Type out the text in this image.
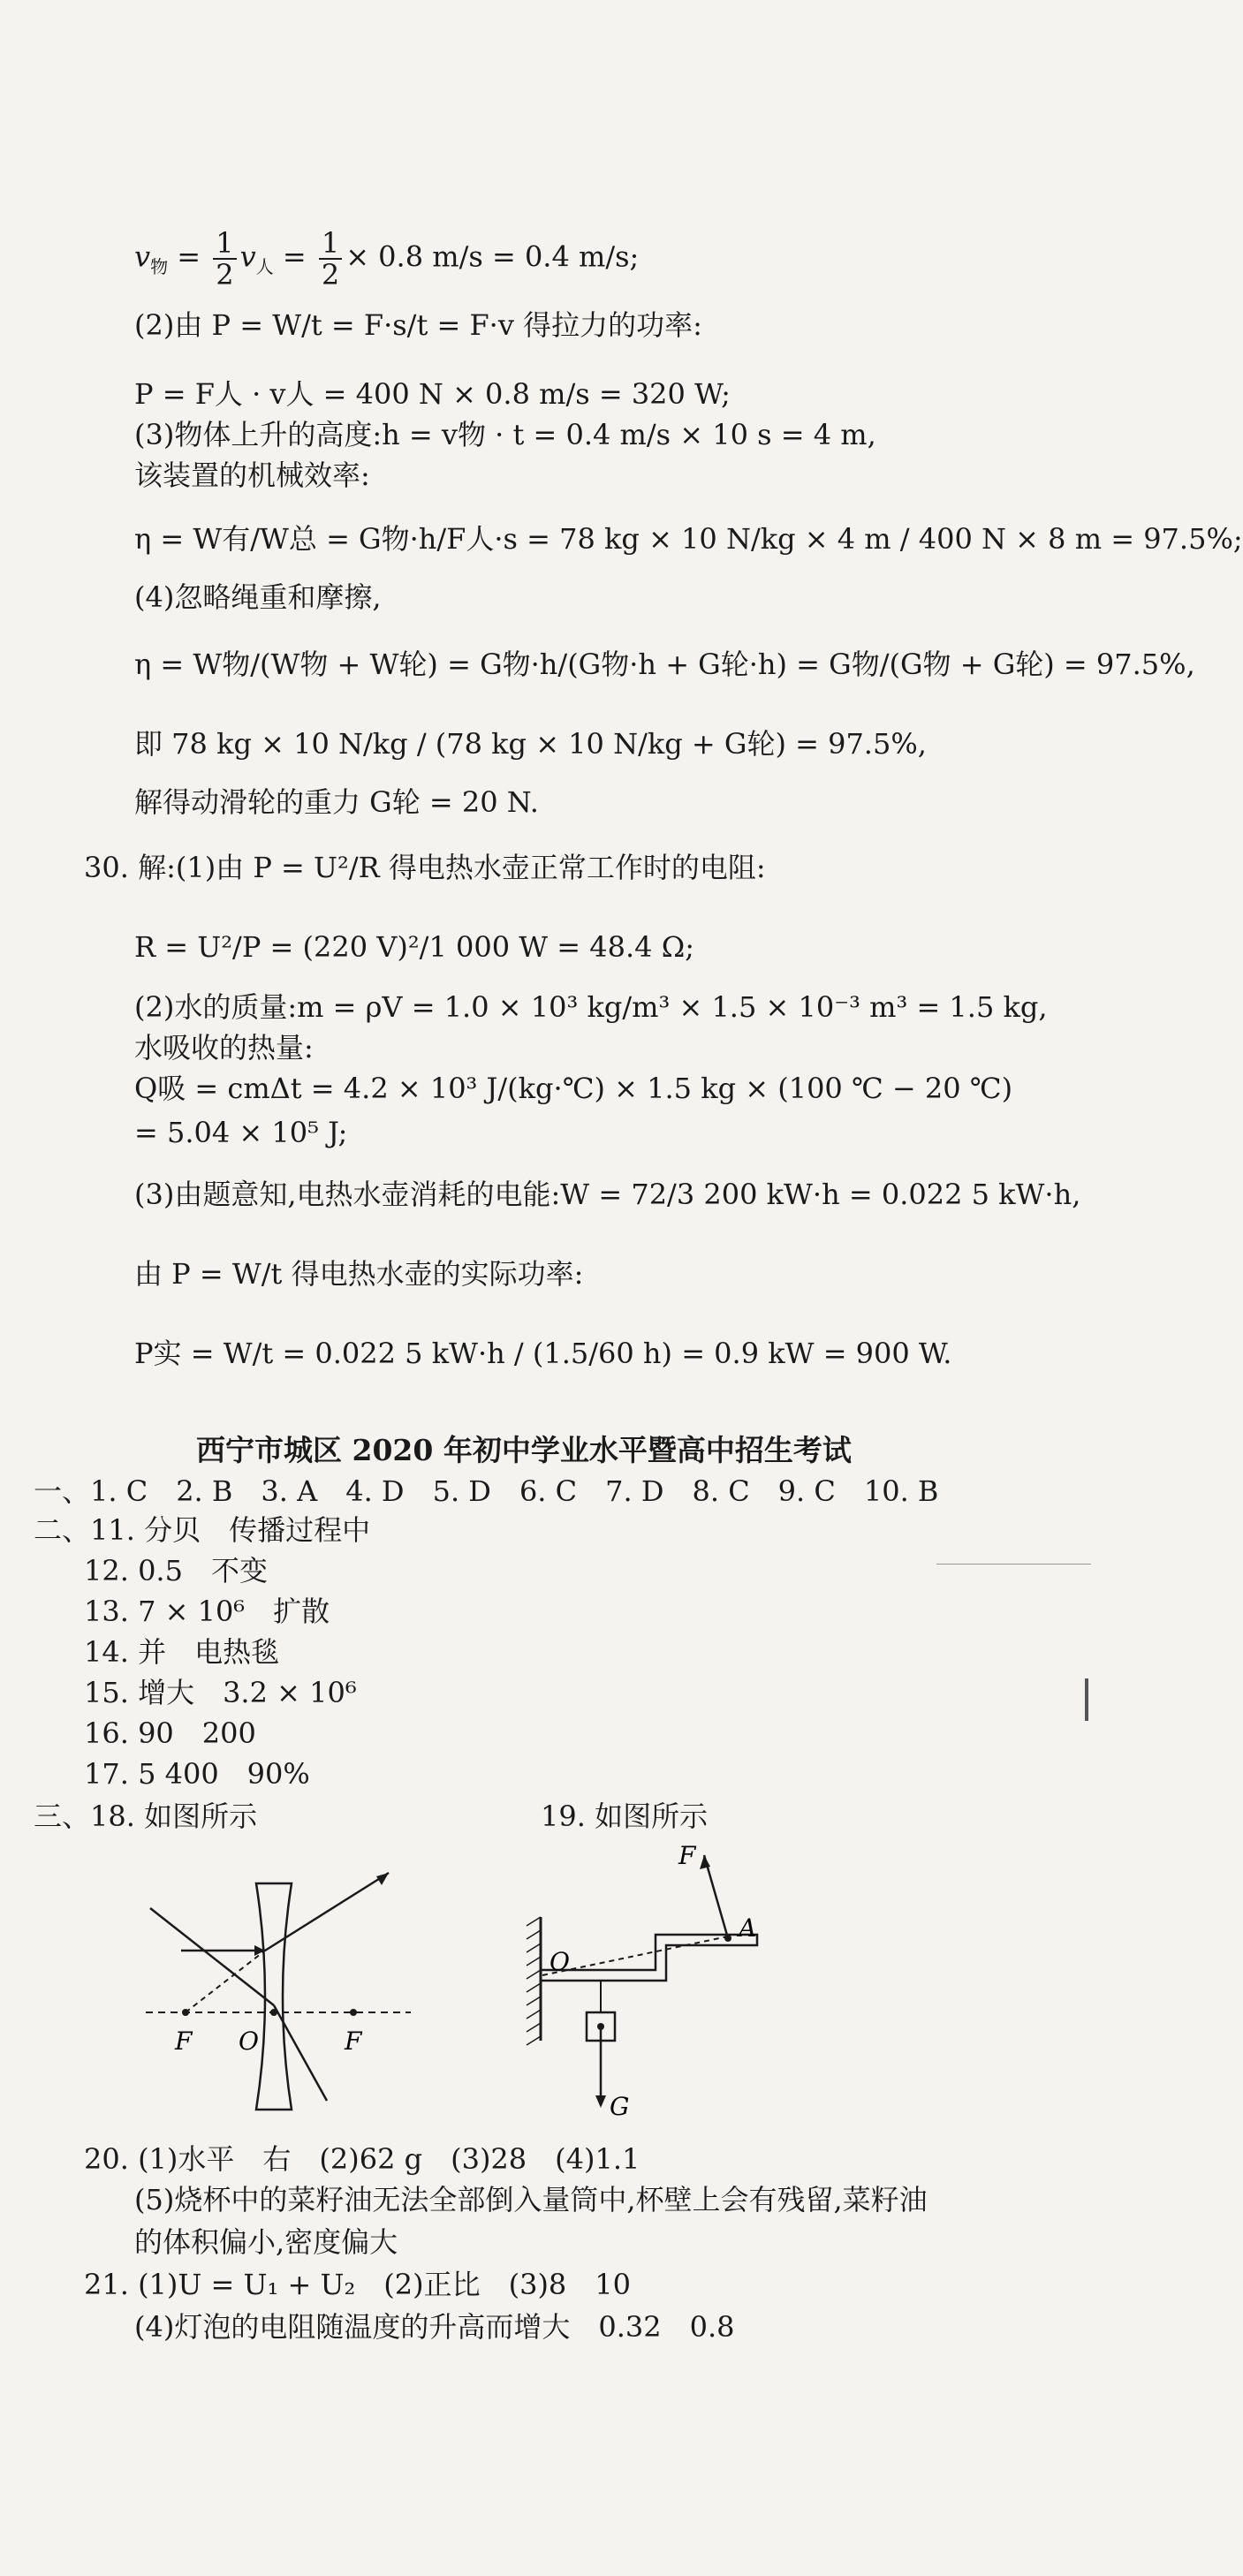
$v_物 = \frac{1}{2} v_人 = \frac{1}{2} \times 0.8$ m/s = 0.4 m/s;
(2)由 P = W/t = F·s/t = F·v 得拉力的功率:
P = F人 · v人 = 400 N × 0.8 m/s = 320 W;
(3)物体上升的高度:h = v物 · t = 0.4 m/s × 10 s = 4 m,
该装置的机械效率:
η = W有/W总 = G物·h/F人·s = 78 kg × 10 N/kg × 4 m / 400 N × 8 m = 97.5%;
(4)忽略绳重和摩擦,
η = W物/(W物 + W轮) = G物·h/(G物·h + G轮·h) = G物/(G物 + G轮) = 97.5%,
即 78 kg × 10 N/kg / (78 kg × 10 N/kg + G轮) = 97.5%,
解得动滑轮的重力 G轮 = 20 N.
30. 解:(1)由 P = U²/R 得电热水壶正常工作时的电阻:
R = U²/P = (220 V)²/1 000 W = 48.4 Ω;
(2)水的质量:m = ρV = 1.0 × 10³ kg/m³ × 1.5 × 10⁻³ m³ = 1.5 kg,
水吸收的热量:
Q吸 = cmΔt = 4.2 × 10³ J/(kg·℃) × 1.5 kg × (100 ℃ − 20 ℃)
= 5.04 × 10⁵ J;
(3)由题意知,电热水壶消耗的电能:W = 72/3 200 kW·h = 0.022 5 kW·h,
由 P = W/t 得电热水壶的实际功率:
P实 = W/t = 0.022 5 kW·h / (1.5/60 h) = 0.9 kW = 900 W.
西宁市城区 2020 年初中学业水平暨高中招生考试
一、1. C　2. B　3. A　4. D　5. D　6. C　7. D　8. C　9. C　10. B
二、11. 分贝　传播过程中
12. 0.5　不变
13. 7 × 10⁶　扩散
14. 并　电热毯
15. 增大　3.2 × 10⁶
16. 90　200
17. 5 400　90%
三、18. 如图所示	19. 如图所示
F O	F
O
A
F
G
20. (1)水平　右　(2)62 g　(3)28　(4)1.1
(5)烧杯中的菜籽油无法全部倒入量筒中,杯壁上会有残留,菜籽油
的体积偏小,密度偏大
21. (1)U = U₁ + U₂　(2)正比　(3)8　10
(4)灯泡的电阻随温度的升高而增大　0.32　0.8
